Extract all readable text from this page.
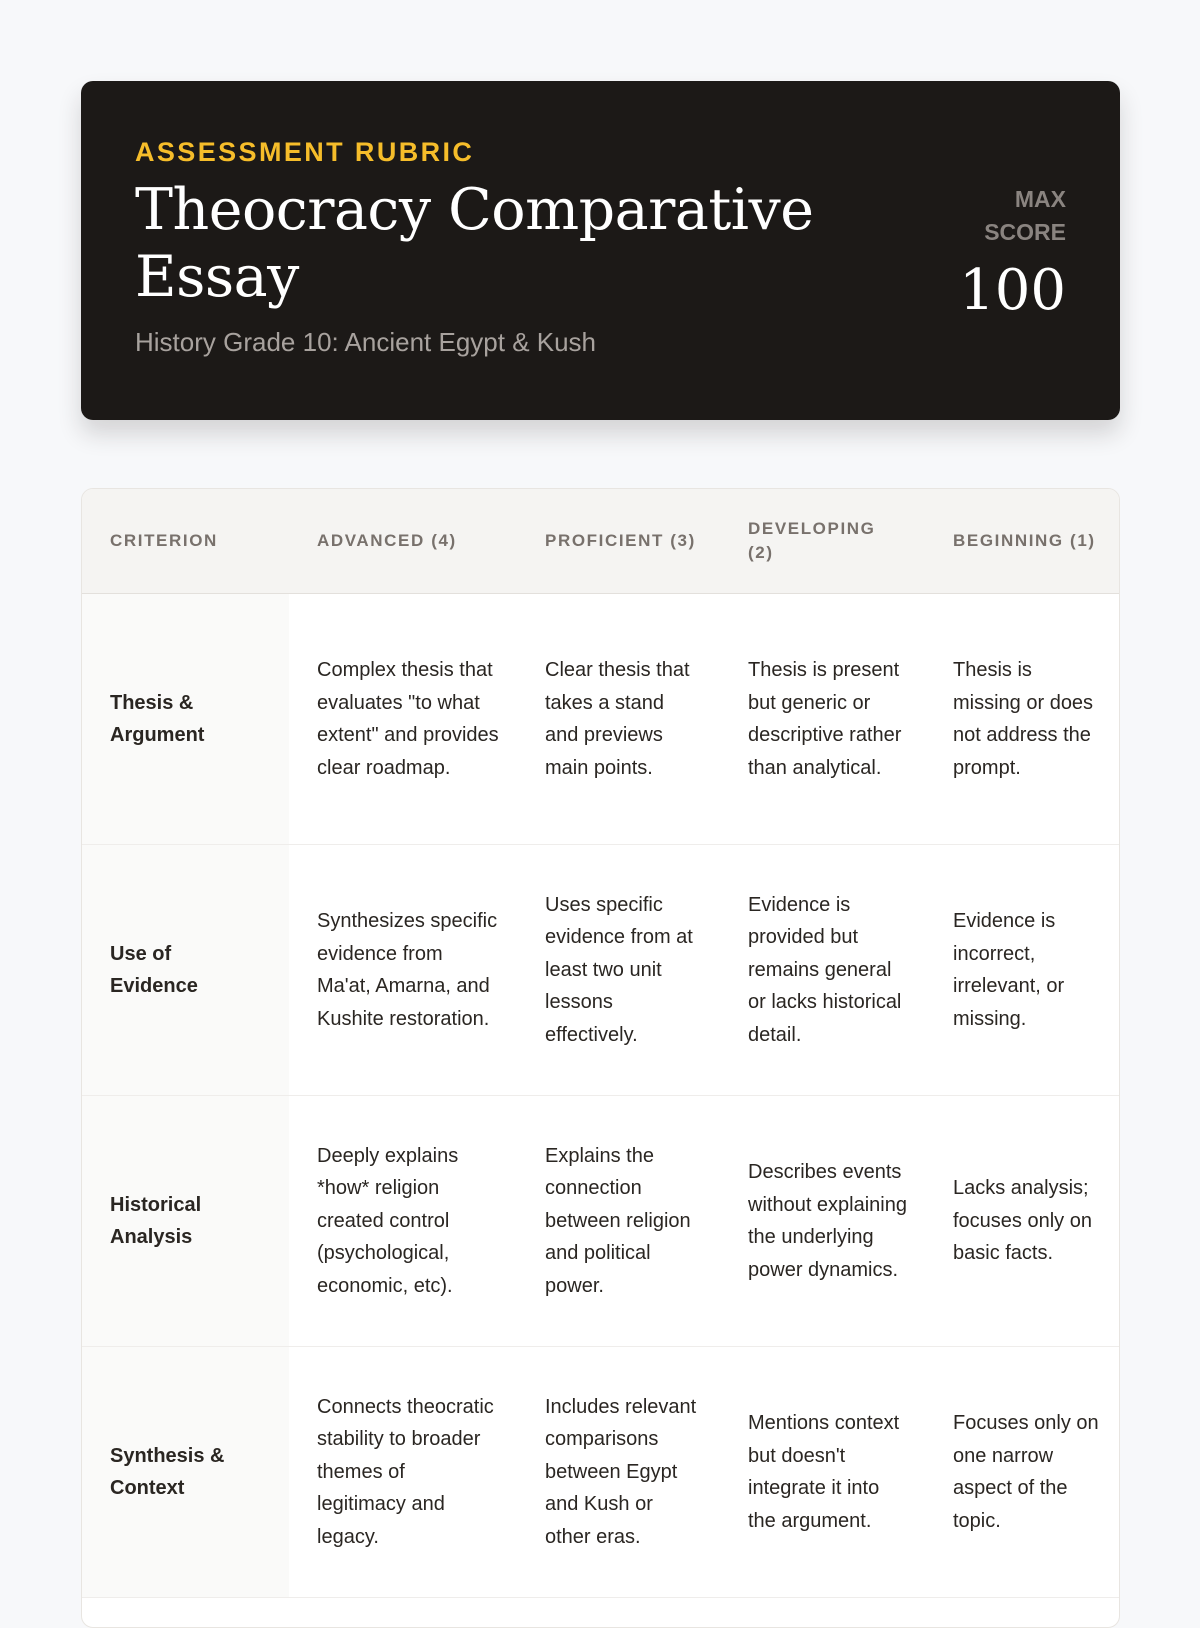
ASSESSMENT RUBRIC

Theocracy Comparative Essay

History Grade 10: Ancient Egypt & Kush

MAX SCORE
100
CRITERION	ADVANCED (4)	PROFICIENT (3)
DEVELOPING (2)
BEGINNING (1)
Thesis & Argument
Complex thesis that evaluates "to what extent" and provides clear roadmap.
Clear thesis that takes a stand and previews main points.
Thesis is present but generic or descriptive rather than analytical.
Thesis is missing or does not address the prompt.
Use of Evidence
Synthesizes specific evidence from Ma'at, Amarna, and Kushite restoration.
Uses specific evidence from at least two unit lessons effectively.
Evidence is provided but remains general or lacks historical detail.
Evidence is incorrect, irrelevant, or missing.
Historical Analysis
Deeply explains *how* religion created control (psychological, economic, etc).
Explains the connection between religion and political power.
Describes events without explaining the underlying power dynamics.
Lacks analysis; focuses only on basic facts.
Synthesis & Context
Connects theocratic stability to broader themes of legitimacy and legacy.
Includes relevant comparisons between Egypt and Kush or other eras.
Mentions context but doesn't integrate it into the argument.
Focuses only on one narrow aspect of the topic.
